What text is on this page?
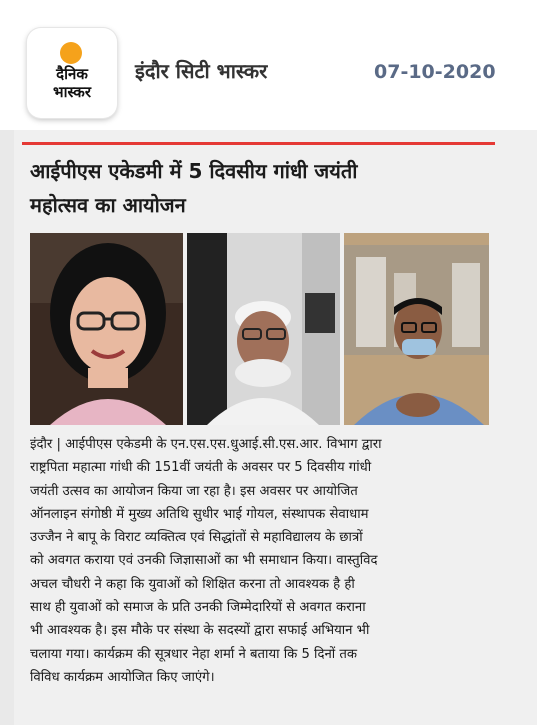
दैनिक
भास्कर
इंदौर सिटी भास्कर	07-10-2020
आईपीएस एकेडमी में 5 दिवसीय गांधी जयंती
महोत्सव का आयोजन
इंदौर | आईपीएस एकेडमी के एन.एस.एस.धुआई.सी.एस.आर. विभाग द्वारा
राष्ट्रपिता महात्मा गांधी की 151वीं जयंती के अवसर पर 5 दिवसीय गांधी
जयंती उत्सव का आयोजन किया जा रहा है। इस अवसर पर आयोजित
ऑनलाइन संगोष्ठी में मुख्य अतिथि सुधीर भाई गोयल, संस्थापक सेवाधाम
उज्जैन ने बापू के विराट व्यक्तित्व एवं सिद्धांतों से महाविद्यालय के छात्रों
को अवगत कराया एवं उनकी जिज्ञासाओं का भी समाधान किया। वास्तुविद
अचल चौधरी ने कहा कि युवाओं को शिक्षित करना तो आवश्यक है ही
साथ ही युवाओं को समाज के प्रति उनकी जिम्मेदारियों से अवगत कराना
भी आवश्यक है। इस मौके पर संस्था के सदस्यों द्वारा सफाई अभियान भी
चलाया गया। कार्यक्रम की सूत्रधार नेहा शर्मा ने बताया कि 5 दिनों तक
विविध कार्यक्रम आयोजित किए जाएंगे।
